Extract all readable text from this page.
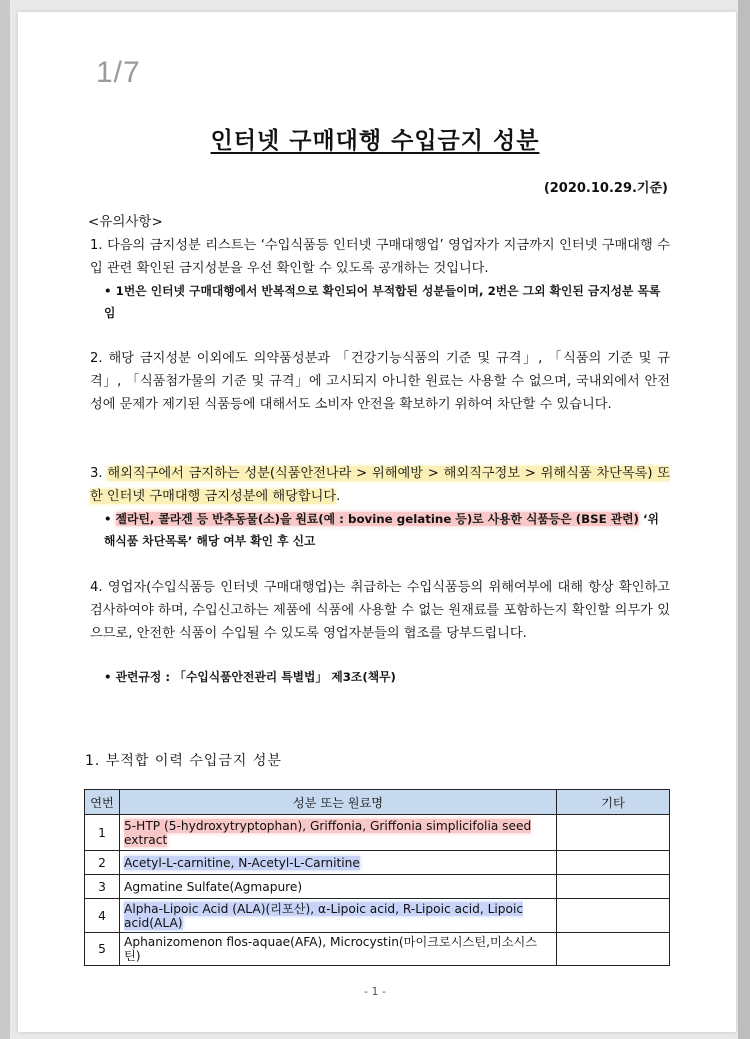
1/7
인터넷 구매대행 수입금지 성분
(2020.10.29.기준)
<유의사항>
1. 다음의 금지성분 리스트는 ‘수입식품등 인터넷 구매대행업’ 영업자가 지금까지 인터넷 구매대행 수입 관련 확인된 금지성분을 우선 확인할 수 있도록 공개하는 것입니다.
• 1번은 인터넷 구매대행에서 반복적으로 확인되어 부적합된 성분들이며, 2번은 그외 확인된 금지성분 목록임
2. 해당 금지성분 이외에도 의약품성분과 「건강기능식품의 기준 및 규격」, 「식품의 기준 및 규격」, 「식품첨가물의 기준 및 규격」에 고시되지 아니한 원료는 사용할 수 없으며, 국내외에서 안전성에 문제가 제기된 식품등에 대해서도 소비자 안전을 확보하기 위하여 차단할 수 있습니다.
3. 해외직구에서 금지하는 성분(식품안전나라 > 위해예방 > 해외직구정보 > 위해식품 차단목록) 또한 인터넷 구매대행 금지성분에 해당합니다.
• 젤라틴, 콜라겐 등 반추동물(소)을 원료(예 : bovine gelatine 등)로 사용한 식품등은 (BSE 관련) ‘위해식품 차단목록’ 해당 여부 확인 후 신고
4. 영업자(수입식품등 인터넷 구매대행업)는 취급하는 수입식품등의 위해여부에 대해 항상 확인하고 검사하여야 하며, 수입신고하는 제품에 식품에 사용할 수 없는 원재료를 포함하는지 확인할 의무가 있으므로, 안전한 식품이 수입될 수 있도록 영업자분들의 협조를 당부드립니다.
• 관련규정 : 「수입식품안전관리 특별법」 제3조(책무)
1. 부적합 이력 수입금지 성분
연번	성분 또는 원료명	기타
1	5-HTP (5-hydroxytryptophan), Griffonia, Griffonia simplicifolia seed extract	
2	Acetyl-L-carnitine, N-Acetyl-L-Carnitine	
3	Agmatine Sulfate(Agmapure)	
4	Alpha-Lipoic Acid (ALA)(리포산), α-Lipoic acid, R-Lipoic acid, Lipoic acid(ALA)	
5	Aphanizomenon flos-aquae(AFA), Microcystin(마이크로시스틴,미소시스틴)	
- 1 -
